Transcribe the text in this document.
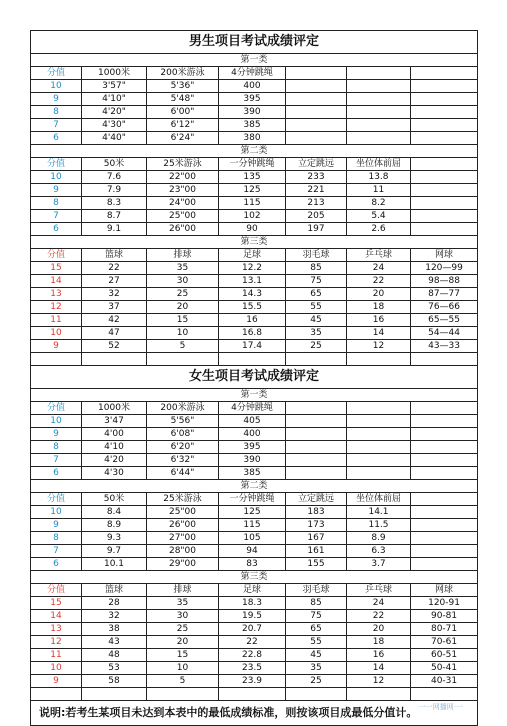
男生项目考试成绩评定						
第一类						
分值	1000米	200米游泳	4分钟跳绳			
10	3'57"	5'36"	400			
9	4'10"	5'48"	395			
8	4'20"	6'00"	390			
7	4'30"	6'12"	385			
6	4'40"	6'24"	380			
第二类						
分值	50米	25米游泳	一分钟跳绳	立定跳远	坐位体前屈	
10	7.6	22"00	135	233	13.8	
9	7.9	23"00	125	221	11	
8	8.3	24"00	115	213	8.2	
7	8.7	25"00	102	205	5.4	
6	9.1	26"00	90	197	2.6	
第三类						
分值	篮球	排球	足球	羽毛球	乒乓球	网球
15	22	35	12.2	85	24	120—99
14	27	30	13.1	75	22	98—88
13	32	25	14.3	65	20	87—77
12	37	20	15.5	55	18	76—66
11	42	15	16	45	16	65—55
10	47	10	16.8	35	14	54—44
9	52	5	17.4	25	12	43—33

女生项目考试成绩评定						
第一类						
分值	1000米	200米游泳	4分钟跳绳			
10	3'47	5'56"	405			
9	4'00	6'08"	400			
8	4'10	6'20"	395			
7	4'20	6'32"	390			
6	4'30	6'44"	385			
第二类						
分值	50米	25米游泳	一分钟跳绳	立定跳远	坐位体前屈	
10	8.4	25"00	125	183	14.1	
9	8.9	26"00	115	173	11.5	
8	9.3	27"00	105	167	8.9	
7	9.7	28"00	94	161	6.3	
6	10.1	29"00	83	155	3.7	
第三类						
分值	篮球	排球	足球	羽毛球	乒乓球	网球
15	28	35	18.3	85	24	120-91
14	32	30	19.5	75	22	90-81
13	38	25	20.7	65	20	80-71
12	43	20	22	55	18	70-61
11	48	15	22.8	45	16	60-51
10	53	10	23.5	35	14	50-41
9	58	5	23.9	25	12	40-31

说明:若考生某项目未达到本表中的最低成绩标准，则按该项目成最低分值计。						一一网播网·一
